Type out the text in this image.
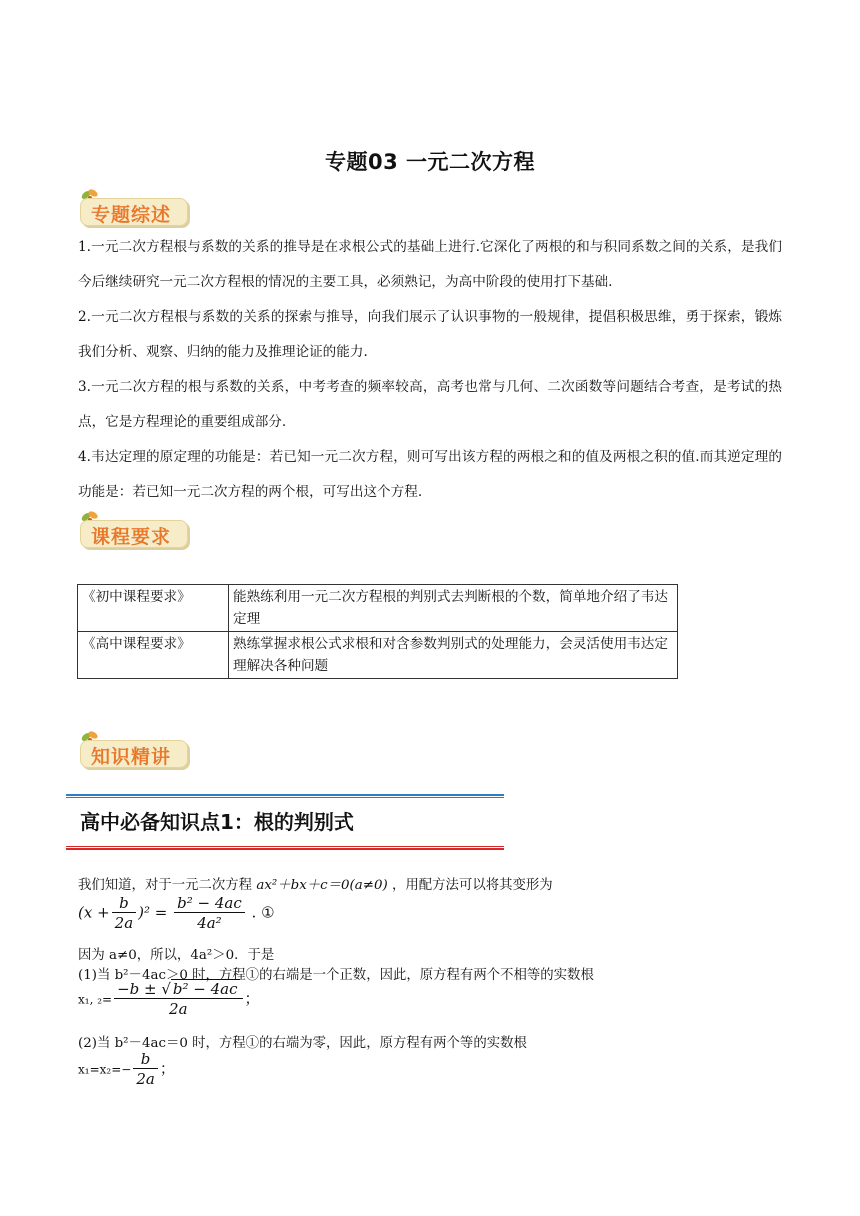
专题03 一元二次方程
专题综述
1.一元二次方程根与系数的关系的推导是在求根公式的基础上进行.它深化了两根的和与积同系数之间的关系，是我们今后继续研究一元二次方程根的情况的主要工具，必须熟记，为高中阶段的使用打下基础.
2.一元二次方程根与系数的关系的探索与推导，向我们展示了认识事物的一般规律，提倡积极思维，勇于探索，锻炼我们分析、观察、归纳的能力及推理论证的能力.
3.一元二次方程的根与系数的关系，中考考查的频率较高，高考也常与几何、二次函数等问题结合考查，是考试的热点，它是方程理论的重要组成部分.
4.韦达定理的原定理的功能是：若已知一元二次方程，则可写出该方程的两根之和的值及两根之积的值.而其逆定理的功能是：若已知一元二次方程的两个根，可写出这个方程.
课程要求
《初中课程要求》	能熟练利用一元二次方程根的判别式去判断根的个数，简单地介绍了韦达定理
《高中课程要求》	熟练掌握求根公式求根和对含参数判别式的处理能力，会灵活使用韦达定理解决各种问题
知识精讲
高中必备知识点1：根的判别式
我们知道，对于一元二次方程 ax²＋bx＋c＝0(a≠0) ，用配方法可以将其变形为
$(x + \frac{b}{2a} )^2 = \frac{\text{b² − 4ac}}{\text{4a²}}$ . ①
因为 a≠0，所以，4a²＞0．于是
(1)当 b²－4ac＞0 时，方程①的右端是一个正数，因此，原方程有两个不相等的实数根
x₁, $_2= \frac{\text{−b ± √ b² − 4ac}}{2a}$ ；
(2)当 b²－4ac＝0 时，方程①的右端为零，因此，原方程有两个等的实数根
$x_1=x_2=- \frac{b}{2a}$ ；
